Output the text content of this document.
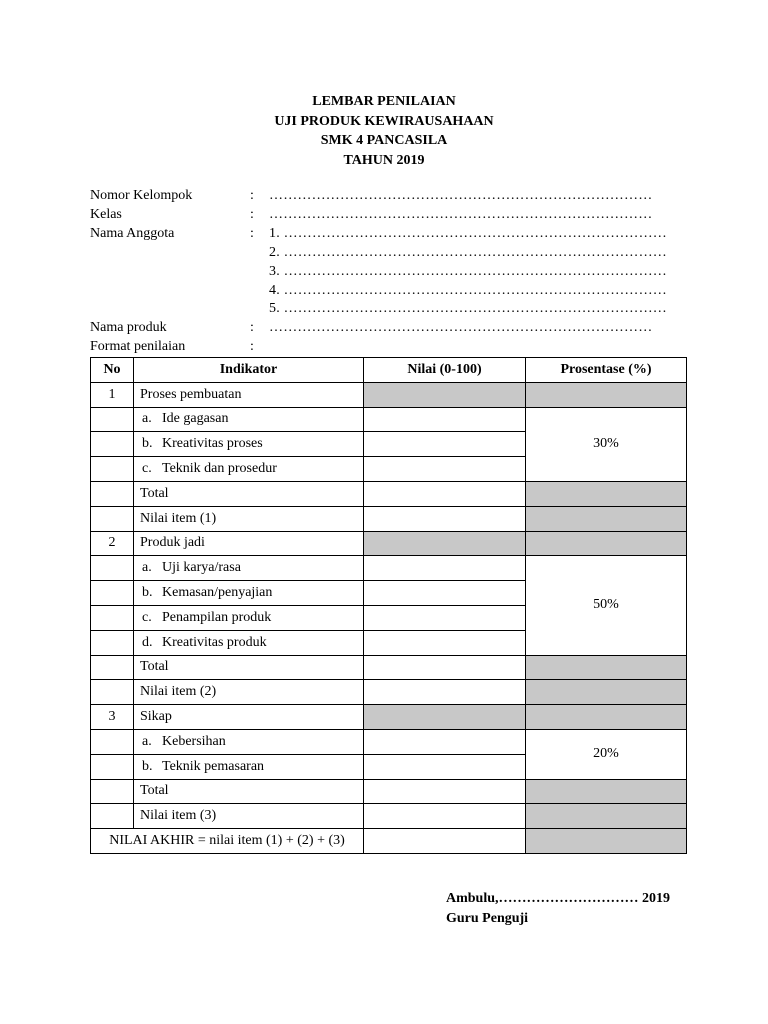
LEMBAR PENILAIAN
UJI PRODUK KEWIRAUSAHAAN
SMK 4 PANCASILA
TAHUN 2019
Nomor Kelompok	: ………………………………………………………………………
Kelas	: ………………………………………………………………………
Nama Anggota	: 1. ………………………………………………………………………
2. ………………………………………………………………………
3. ………………………………………………………………………
4. ………………………………………………………………………
5. ………………………………………………………………………
Nama produk	: ………………………………………………………………………
Format penilaian	:
No	Indikator	Nilai (0-100)	Prosentase (%)
1	Proses pembuatan		
	a. Ide gagasan		30%
	b. Kreativitas proses		
	c. Teknik dan prosedur		
	Total		
	Nilai item (1)		
2	Produk jadi		
	a. Uji karya/rasa		50%
	b. Kemasan/penyajian		
	c. Penampilan produk		
	d. Kreativitas produk		
	Total		
	Nilai item (2)		
3	Sikap		
	a. Kebersihan		20%
	b. Teknik pemasaran		
	Total		
	Nilai item (3)		
NILAI AKHIR = nilai item (1) + (2) + (3)			
Ambulu,………………………… 2019
Guru Penguji
